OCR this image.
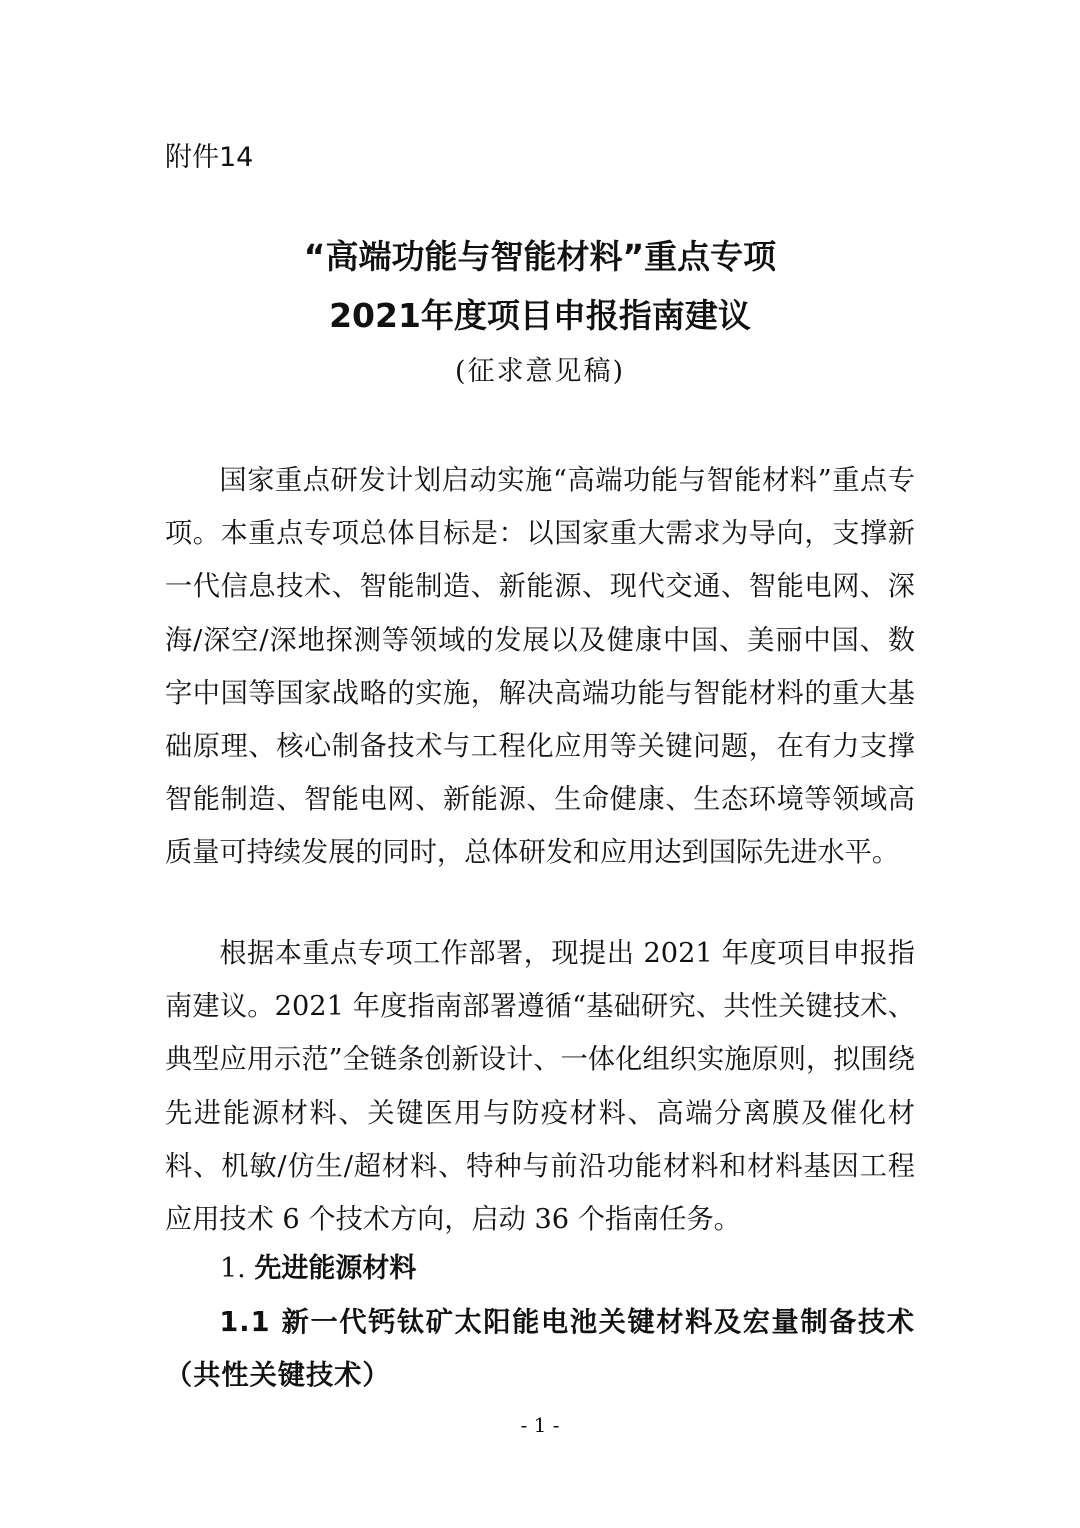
附件14
“高端功能与智能材料”重点专项
2021年度项目申报指南建议
(征求意见稿)

国家重点研发计划启动实施“高端功能与智能材料”重点专项。本重点专项总体目标是：以国家重大需求为导向，支撑新一代信息技术、智能制造、新能源、现代交通、智能电网、深海/深空/深地探测等领域的发展以及健康中国、美丽中国、数字中国等国家战略的实施，解决高端功能与智能材料的重大基础原理、核心制备技术与工程化应用等关键问题，在有力支撑智能制造、智能电网、新能源、生命健康、生态环境等领域高质量可持续发展的同时，总体研发和应用达到国际先进水平。

根据本重点专项工作部署，现提出 2021 年度项目申报指南建议。2021 年度指南部署遵循“基础研究、共性关键技术、典型应用示范”全链条创新设计、一体化组织实施原则，拟围绕先进能源材料、关键医用与防疫材料、高端分离膜及催化材料、机敏/仿生/超材料、特种与前沿功能材料和材料基因工程应用技术 6 个技术方向，启动 36 个指南任务。

1. 先进能源材料

1.1 新一代钙钛矿太阳能电池关键材料及宏量制备技术（共性关键技术）

- 1 -
